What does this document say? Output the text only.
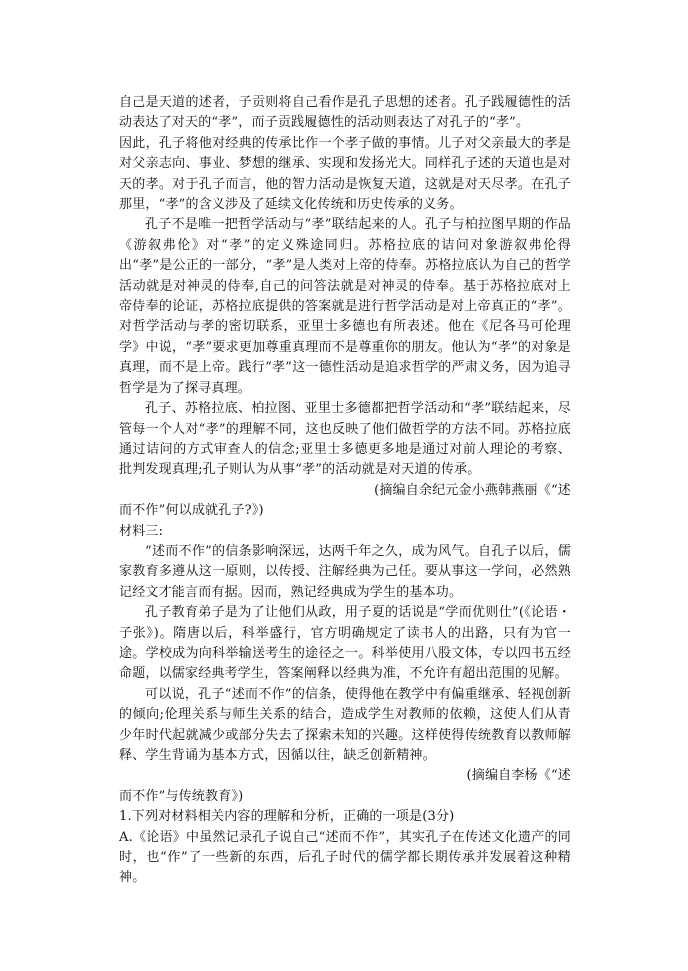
自己是天道的述者，子贡则将自己看作是孔子思想的述者。孔子践履德性的活动表达了对天的“孝”，而子贡践履德性的活动则表达了对孔子的“孝”。

因此，孔子将他对经典的传承比作一个孝子做的事情。儿子对父亲最大的孝是对父亲志向、事业、梦想的继承、实现和发扬光大。同样孔子述的天道也是对天的孝。对于孔子而言，他的智力活动是恢复天道，这就是对天尽孝。在孔子那里，“孝”的含义涉及了延续文化传统和历史传承的义务。

孔子不是唯一把哲学活动与“孝”联结起来的人。孔子与柏拉图早期的作品《游叙弗伦》对“孝”的定义殊途同归。苏格拉底的诘问对象游叙弗伦得出“孝”是公正的一部分，“孝”是人类对上帝的侍奉。苏格拉底认为自己的哲学活动就是对神灵的侍奉,自己的问答法就是对神灵的侍奉。基于苏格拉底对上帝侍奉的论证，苏格拉底提供的答案就是进行哲学活动是对上帝真正的“孝”。对哲学活动与孝的密切联系，亚里士多德也有所表述。他在《尼各马可伦理学》中说，“孝”要求更加尊重真理而不是尊重你的朋友。他认为“孝”的对象是真理，而不是上帝。践行“孝”这一德性活动是追求哲学的严肃义务，因为追寻哲学是为了探寻真理。

孔子、苏格拉底、柏拉图、亚里士多德都把哲学活动和“孝”联结起来，尽管每一个人对“孝”的理解不同，这也反映了他们做哲学的方法不同。苏格拉底通过诘问的方式审查人的信念;亚里士多德更多地是通过对前人理论的考察、批判发现真理;孔子则认为从事“孝”的活动就是对天道的传承。

(摘编自余纪元金小燕韩燕丽《“述

而不作”何以成就孔子?》)

材料三:

“述而不作”的信条影响深远，达两千年之久，成为风气。自孔子以后，儒家教育多遵从这一原则，以传授、注解经典为己任。要从事这一学问，必然熟记经文才能言而有据。因而，熟记经典成为学生的基本功。

孔子教育弟子是为了让他们从政，用子夏的话说是“学而优则仕”(《论语・子张》)。隋唐以后，科举盛行，官方明确规定了读书人的出路，只有为官一途。学校成为向科举输送考生的途径之一。科举使用八股文体，专以四书五经命题，以儒家经典考学生，答案阐释以经典为准，不允许有超出范围的见解。

可以说，孔子“述而不作”的信条，使得他在教学中有偏重继承、轻视创新的倾向;伦理关系与师生关系的结合，造成学生对教师的依赖，这使人们从青少年时代起就减少或部分失去了探索未知的兴趣。这样使得传统教育以教师解释、学生背诵为基本方式，因循以往，缺乏创新精神。

(摘编自李杨《“述

而不作”与传统教育》)

1.下列对材料相关内容的理解和分析，正确的一项是(3分)

A.《论语》中虽然记录孔子说自己“述而不作”，其实孔子在传述文化遗产的同时，也“作”了一些新的东西，后孔子时代的儒学都长期传承并发展着这种精神。
